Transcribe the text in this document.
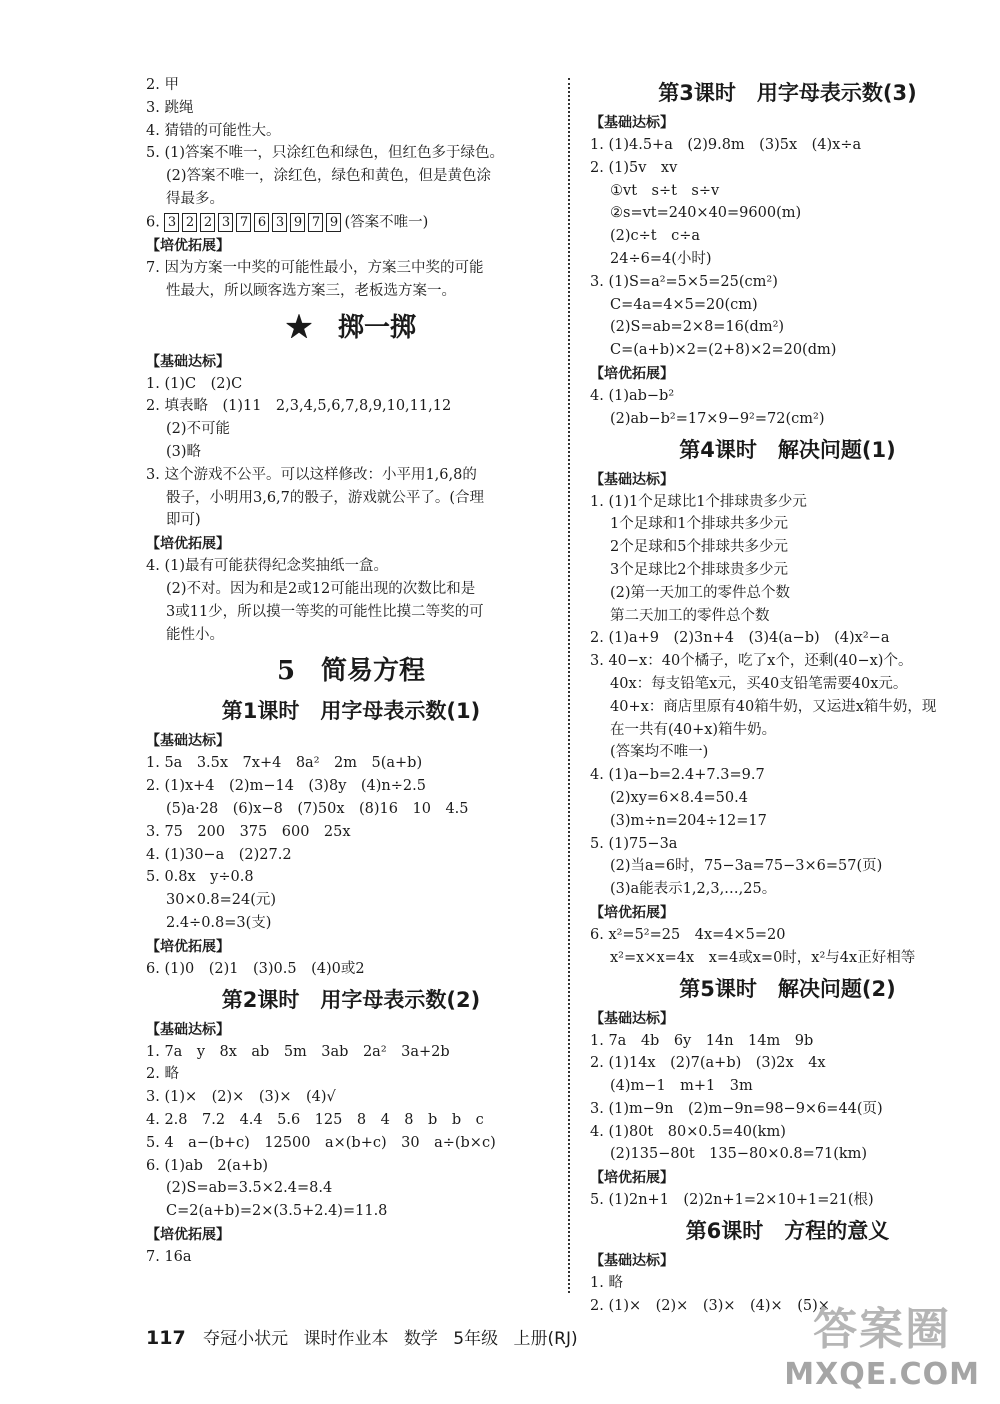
2. 甲
3. 跳绳
4. 猜错的可能性大。
5. (1)答案不唯一，只涂红色和绿色，但红色多于绿色。
(2)答案不唯一，涂红色，绿色和黄色，但是黄色涂
得最多。
6. 3 2 2 3 7 6 3 9 7 9 (答案不唯一)
【培优拓展】
7. 因为方案一中奖的可能性最小，方案三中奖的可能
性最大，所以顾客选方案三，老板选方案一。
★　掷一掷
【基础达标】
1. (1)C　(2)C
2. 填表略　(1)11　2,3,4,5,6,7,8,9,10,11,12
(2)不可能
(3)略
3. 这个游戏不公平。可以这样修改：小平用1,6,8的
骰子，小明用3,6,7的骰子，游戏就公平了。(合理
即可)
【培优拓展】
4. (1)最有可能获得纪念奖抽纸一盒。
(2)不对。因为和是2或12可能出现的次数比和是
3或11少，所以摸一等奖的可能性比摸二等奖的可
能性小。
5　简易方程
第1课时　用字母表示数(1)
【基础达标】
1. 5a　3.5x　7x+4　8a²　2m　5(a+b)
2. (1)x+4　(2)m−14　(3)8y　(4)n÷2.5
(5)a·28　(6)x−8　(7)50x　(8)16　10　4.5
3. 75　200　375　600　25x
4. (1)30−a　(2)27.2
5. 0.8x　y÷0.8
30×0.8=24(元)
2.4÷0.8=3(支)
【培优拓展】
6. (1)0　(2)1　(3)0.5　(4)0或2
第2课时　用字母表示数(2)
【基础达标】
1. 7a　y　8x　ab　5m　3ab　2a²　3a+2b
2. 略
3. (1)×　(2)×　(3)×　(4)√
4. 2.8　7.2　4.4　5.6　125　8　4　8　b　b　c
5. 4　a−(b+c)　12500　a×(b+c)　30　a÷(b×c)
6. (1)ab　2(a+b)
(2)S=ab=3.5×2.4=8.4
C=2(a+b)=2×(3.5+2.4)=11.8
【培优拓展】
7. 16a
第3课时　用字母表示数(3)
【基础达标】
1. (1)4.5+a　(2)9.8m　(3)5x　(4)x÷a
2. (1)5v　xv
①vt　s÷t　s÷v
②s=vt=240×40=9600(m)
(2)c÷t　c÷a
24÷6=4(小时)
3. (1)S=a²=5×5=25(cm²)
C=4a=4×5=20(cm)
(2)S=ab=2×8=16(dm²)
C=(a+b)×2=(2+8)×2=20(dm)
【培优拓展】
4. (1)ab−b²
(2)ab−b²=17×9−9²=72(cm²)
第4课时　解决问题(1)
【基础达标】
1. (1)1个足球比1个排球贵多少元
1个足球和1个排球共多少元
2个足球和5个排球共多少元
3个足球比2个排球贵多少元
(2)第一天加工的零件总个数
第二天加工的零件总个数
2. (1)a+9　(2)3n+4　(3)4(a−b)　(4)x²−a
3. 40−x：40个橘子，吃了x个，还剩(40−x)个。
40x：每支铅笔x元，买40支铅笔需要40x元。
40+x：商店里原有40箱牛奶，又运进x箱牛奶，现
在一共有(40+x)箱牛奶。
(答案均不唯一)
4. (1)a−b=2.4+7.3=9.7
(2)xy=6×8.4=50.4
(3)m÷n=204÷12=17
5. (1)75−3a
(2)当a=6时，75−3a=75−3×6=57(页)
(3)a能表示1,2,3,…,25。
【培优拓展】
6. x²=5²=25　4x=4×5=20
x²=x×x=4x　x=4或x=0时，x²与4x正好相等
第5课时　解决问题(2)
【基础达标】
1. 7a　4b　6y　14n　14m　9b
2. (1)14x　(2)7(a+b)　(3)2x　4x
(4)m−1　m+1　3m
3. (1)m−9n　(2)m−9n=98−9×6=44(页)
4. (1)80t　80×0.5=40(km)
(2)135−80t　135−80×0.8=71(km)
【培优拓展】
5. (1)2n+1　(2)2n+1=2×10+1=21(根)
第6课时　方程的意义
【基础达标】
1. 略
2. (1)×　(2)×　(3)×　(4)×　(5)×
117 夺冠小状元 课时作业本 数学 5年级 上册(RJ)	答案圈
MXQE.COM
